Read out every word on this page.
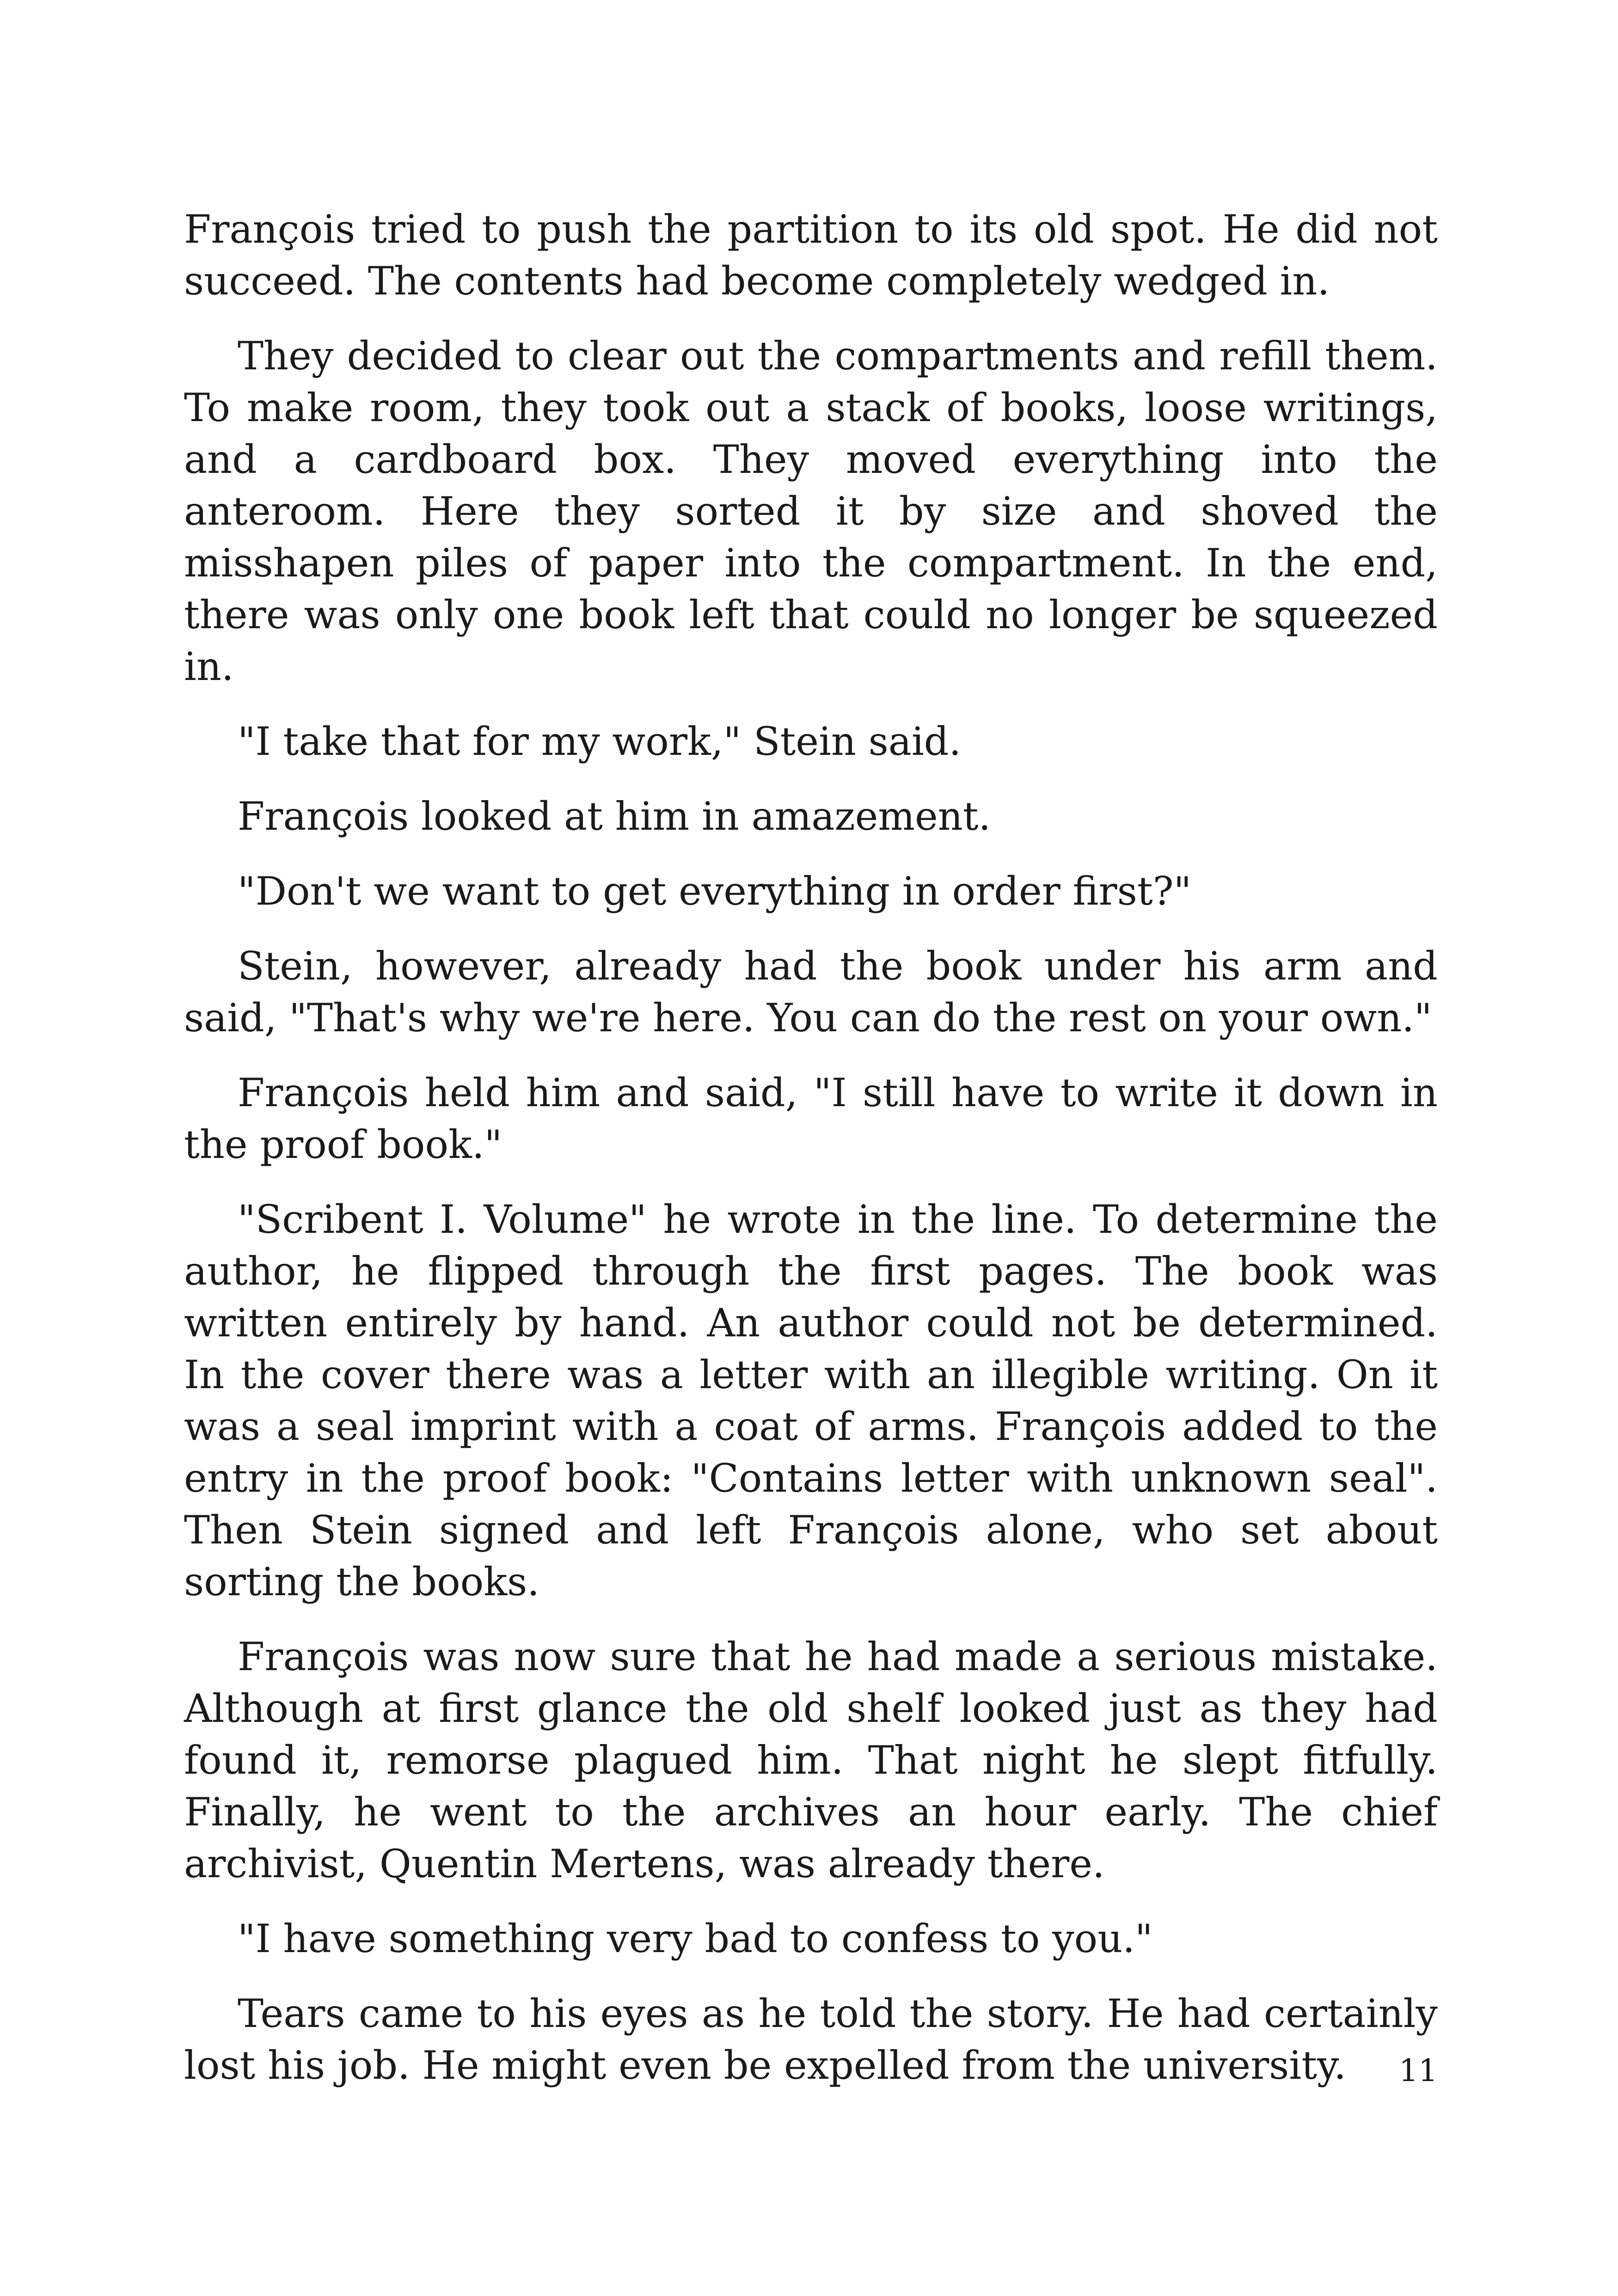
François tried to push the partition to its old spot. He did not succeed. The contents had become completely wedged in.

They decided to clear out the compartments and refill them. To make room, they took out a stack of books, loose writings, and a cardboard box. They moved everything into the anteroom. Here they sorted it by size and shoved the misshapen piles of paper into the compartment. In the end, there was only one book left that could no longer be squeezed in.

"I take that for my work," Stein said.

François looked at him in amazement.

"Don't we want to get everything in order first?"

Stein, however, already had the book under his arm and said, "That's why we're here. You can do the rest on your own."

François held him and said, "I still have to write it down in the proof book."

"Scribent I. Volume" he wrote in the line. To determine the author, he flipped through the first pages. The book was written entirely by hand. An author could not be determined. In the cover there was a letter with an illegible writing. On it was a seal imprint with a coat of arms. François added to the entry in the proof book: "Contains letter with unknown seal". Then Stein signed and left François alone, who set about sorting the books.

François was now sure that he had made a serious mistake. Although at first glance the old shelf looked just as they had found it, remorse plagued him. That night he slept fitfully. Finally, he went to the archives an hour early. The chief archivist, Quentin Mertens, was already there.

"I have something very bad to confess to you."

Tears came to his eyes as he told the story. He had certainly lost his job. He might even be expelled from the university.	11
